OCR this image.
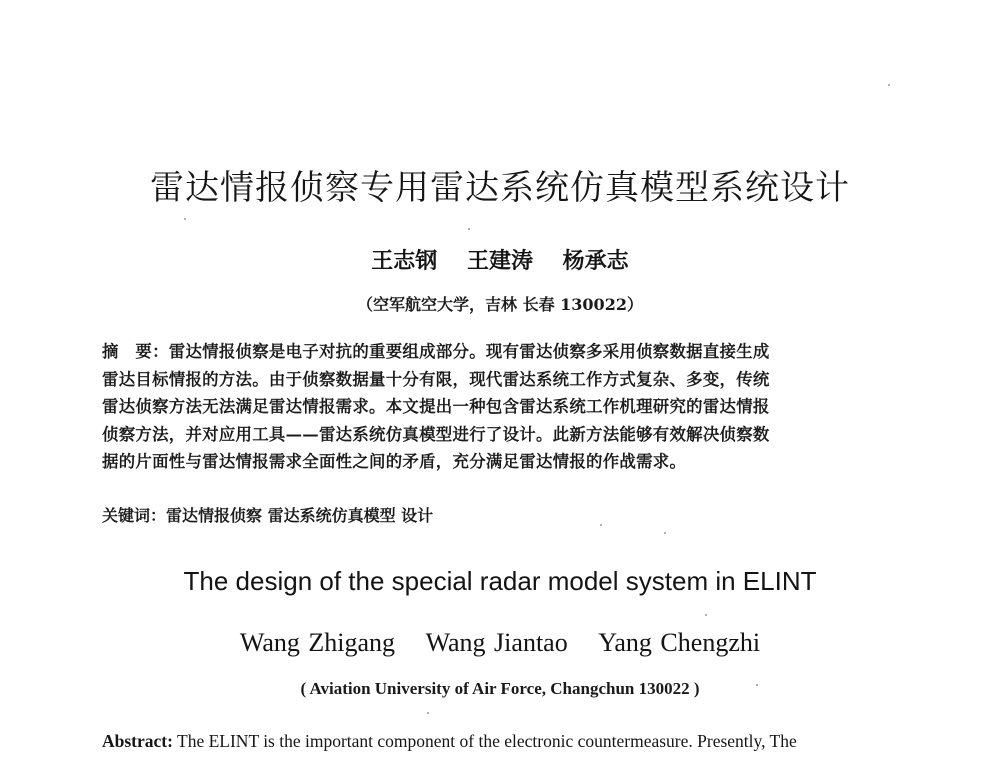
雷达情报侦察专用雷达系统仿真模型系统设计
王志钢 王建涛 杨承志
（空军航空大学，吉林 长春 130022）
摘　要：雷达情报侦察是电子对抗的重要组成部分。现有雷达侦察多采用侦察数据直接生成
雷达目标情报的方法。由于侦察数据量十分有限，现代雷达系统工作方式复杂、多变，传统
雷达侦察方法无法满足雷达情报需求。本文提出一种包含雷达系统工作机理研究的雷达情报
侦察方法，并对应用工具——雷达系统仿真模型进行了设计。此新方法能够有效解决侦察数
据的片面性与雷达情报需求全面性之间的矛盾，充分满足雷达情报的作战需求。
关键词：雷达情报侦察 雷达系统仿真模型 设计
The design of the special radar model system in ELINT
Wang Zhigang Wang Jiantao Yang Chengzhi
( Aviation University of Air Force, Changchun 130022 )
Abstract: The ELINT is the important component of the electronic countermeasure. Presently, The
